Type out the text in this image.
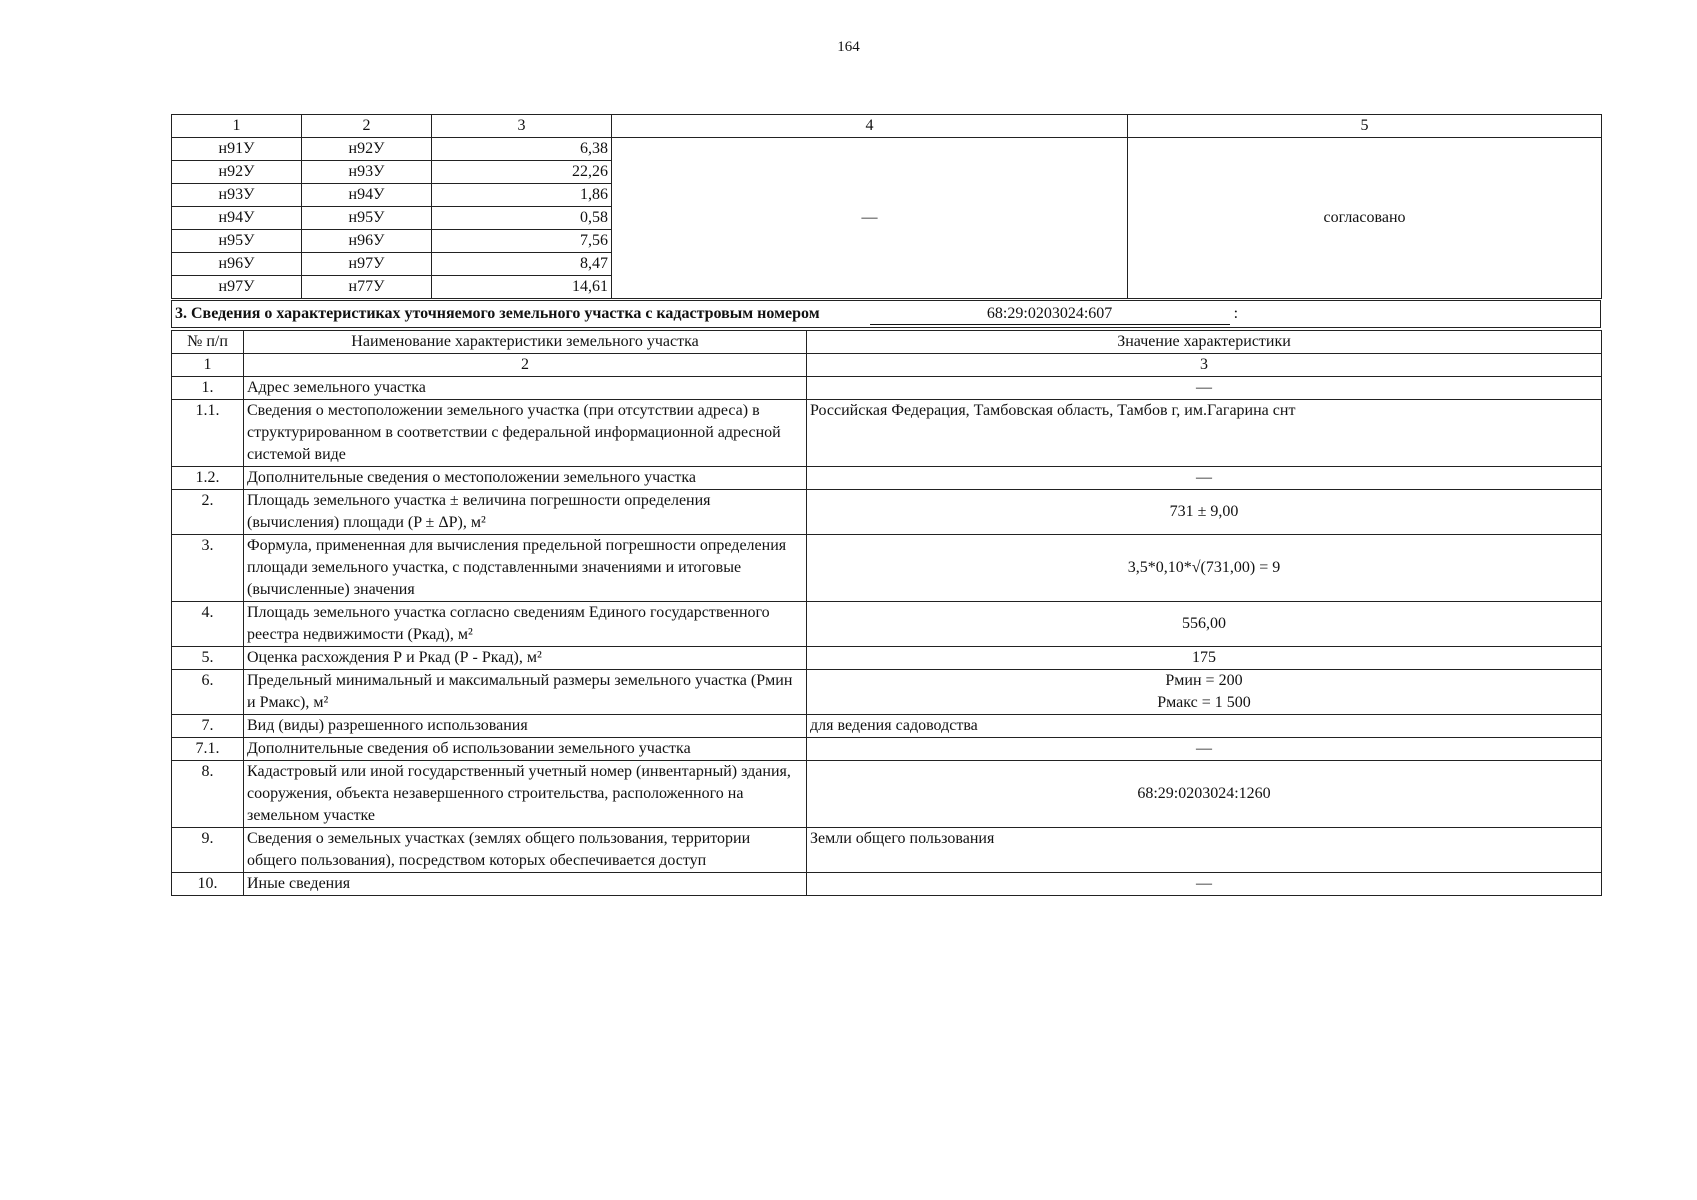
164
1	2	3	4	5
н91У	н92У	6,38	—	согласовано
н92У	н93У	22,26		
н93У	н94У	1,86		
н94У	н95У	0,58		
н95У	н96У	7,56		
н96У	н97У	8,47		
н97У	н77У	14,61		
3. Сведения о характеристиках уточняемого земельного участка с кадастровым номером	68:29:0203024:607	:
№ п/п	Наименование характеристики земельного участка	Значение характеристики
1	2	3
1.	Адрес земельного участка	—
1.1.	Сведения о местоположении земельного участка (при отсутствии адреса) в структурированном в соответствии с федеральной информационной адресной системой виде	Российская Федерация, Тамбовская область, Тамбов г, им.Гагарина снт
1.2.	Дополнительные сведения о местоположении земельного участка	—
2.	Площадь земельного участка ± величина погрешности определения (вычисления) площади (P ± ΔP), м²	731 ± 9,00
3.	Формула, примененная для вычисления предельной погрешности определения площади земельного участка, с подставленными значениями и итоговые (вычисленные) значения	3,5*0,10*√(731,00) = 9
4.	Площадь земельного участка согласно сведениям Единого государственного реестра недвижимости (Ркад), м²	556,00
5.	Оценка расхождения Р и Ркад (Р - Ркад), м²	175
6.	Предельный минимальный и максимальный размеры земельного участка (Рмин и Рмакс), м²	Рмин = 200
Рмакс = 1 500

7.	Вид (виды) разрешенного использования	для ведения садоводства
7.1.	Дополнительные сведения об использовании земельного участка	—
8.	Кадастровый или иной государственный учетный номер (инвентарный) здания, сооружения, объекта незавершенного строительства, расположенного на земельном участке	68:29:0203024:1260
9.	Сведения о земельных участках (землях общего пользования, территории общего пользования), посредством которых обеспечивается доступ	Земли общего пользования
10.	Иные сведения	—
